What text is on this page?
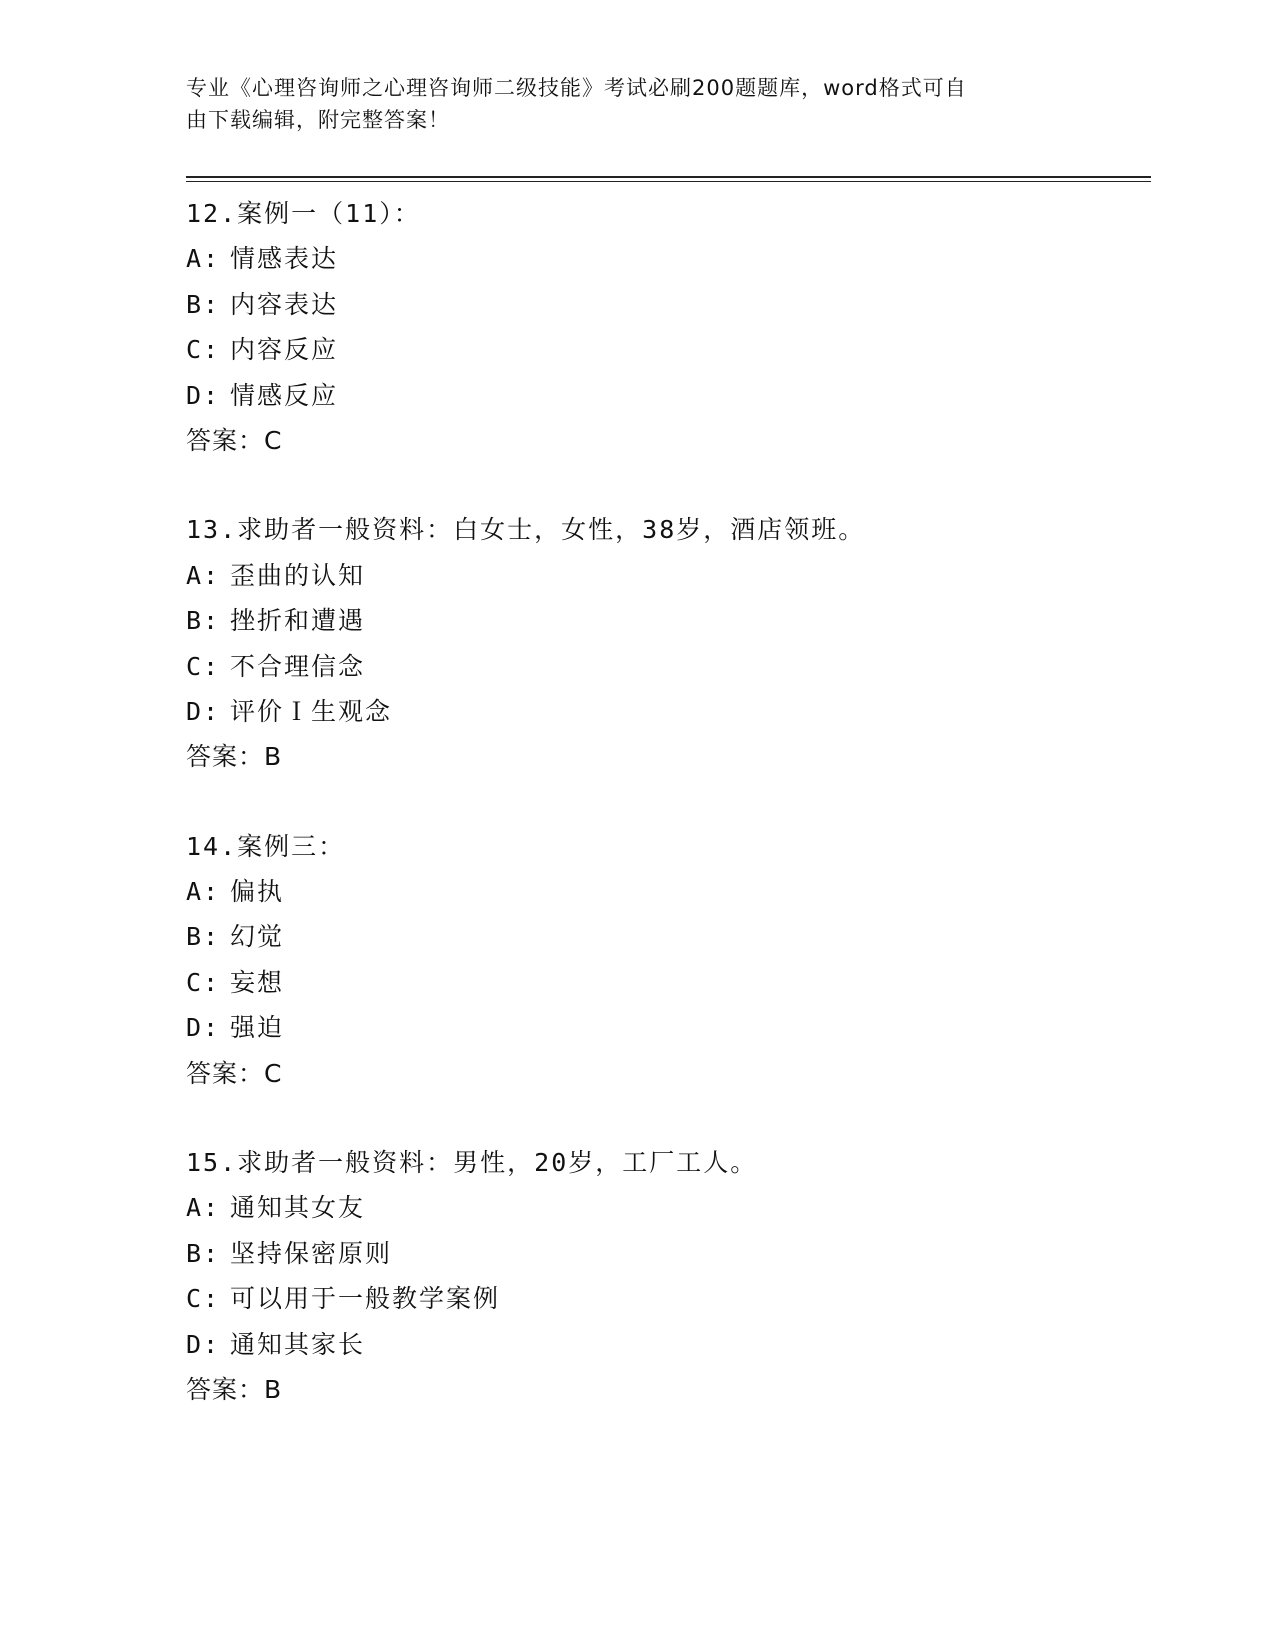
专业《心理咨询师之心理咨询师二级技能》考试必刷200题题库，word格式可自
由下载编辑，附完整答案！
12.案例一（11）：
A: 情感表达
B: 内容表达
C: 内容反应
D: 情感反应
答案：C
13.求助者一般资料：白女士，女性，38岁，酒店领班。
A: 歪曲的认知
B: 挫折和遭遇
C: 不合理信念
D: 评价Ｉ生观念
答案：B
14.案例三：
A: 偏执
B: 幻觉
C: 妄想
D: 强迫
答案：C
15.求助者一般资料：男性，20岁，工厂工人。
A: 通知其女友
B: 坚持保密原则
C: 可以用于一般教学案例
D: 通知其家长
答案：B
